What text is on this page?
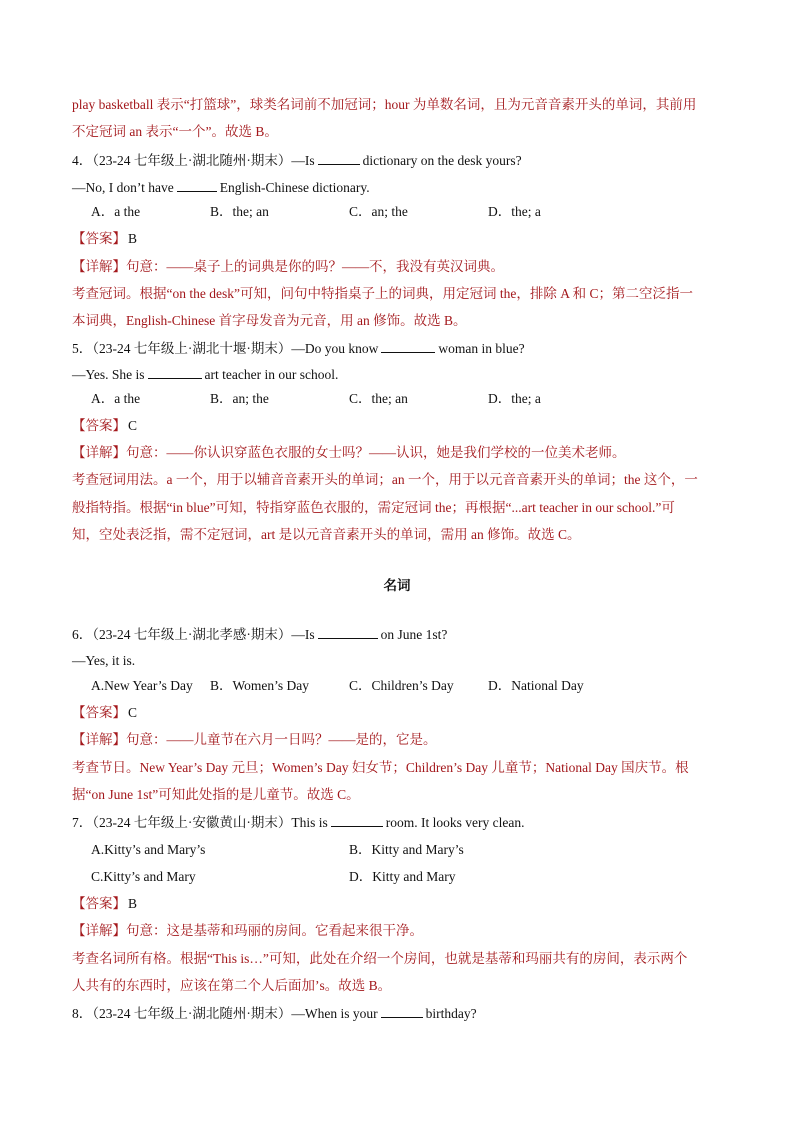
play basketball 表示“打篮球”，球类名词前不加冠词；hour 为单数名词，且为元音音素开头的单词，其前用
不定冠词 an 表示“一个”。故选 B。
4．（23-24 七年级上·湖北随州·期末）—Is	dictionary on the desk yours?
—No, I don’t have	English-Chinese dictionary.
A．a the	B．the; an	C．an; the	D．the; a
【答案】 B
【详解】句意：——桌子上的词典是你的吗？——不，我没有英汉词典。
考查冠词。根据“on the desk”可知，问句中特指桌子上的词典，用定冠词 the，排除 A 和 C；第二空泛指一
本词典，English-Chinese 首字母发音为元音，用 an 修饰。故选 B。
5．（23-24 七年级上·湖北十堰·期末）—Do you know	woman in blue?
—Yes. She is	art teacher in our school.
A．a the	B．an; the	C．the; an	D．the; a
【答案】 C
【详解】句意：——你认识穿蓝色衣服的女士吗？——认识，她是我们学校的一位美术老师。
考查冠词用法。a 一个，用于以辅音音素开头的单词；an 一个，用于以元音音素开头的单词；the 这个，一
般指特指。根据“in blue”可知，特指穿蓝色衣服的，需定冠词 the；再根据“...art teacher in our school.”可
知，空处表泛指，需不定冠词，art 是以元音音素开头的单词，需用 an 修饰。故选 C。
名词
6．（23-24 七年级上·湖北孝感·期末）—Is	on June 1st?
—Yes, it is.
A.New Year’s Day B．Women’s Day	C．Children’s Day	D．National Day
【答案】 C
【详解】句意：——儿童节在六月一日吗？——是的，它是。
考查节日。New Year’s Day 元旦；Women’s Day 妇女节；Children’s Day 儿童节；National Day 国庆节。根
据“on June 1st”可知此处指的是儿童节。故选 C。
7．（23-24 七年级上·安徽黄山·期末）This is	room. It looks very clean.
A.Kitty’s and Mary’s	B．Kitty and Mary’s
C.Kitty’s and Mary	D．Kitty and Mary
【答案】 B
【详解】句意：这是基蒂和玛丽的房间。它看起来很干净。
考查名词所有格。根据“This is…”可知，此处在介绍一个房间，也就是基蒂和玛丽共有的房间，表示两个
人共有的东西时，应该在第二个人后面加’s。故选 B。
8．（23-24 七年级上·湖北随州·期末）—When is your	birthday?
